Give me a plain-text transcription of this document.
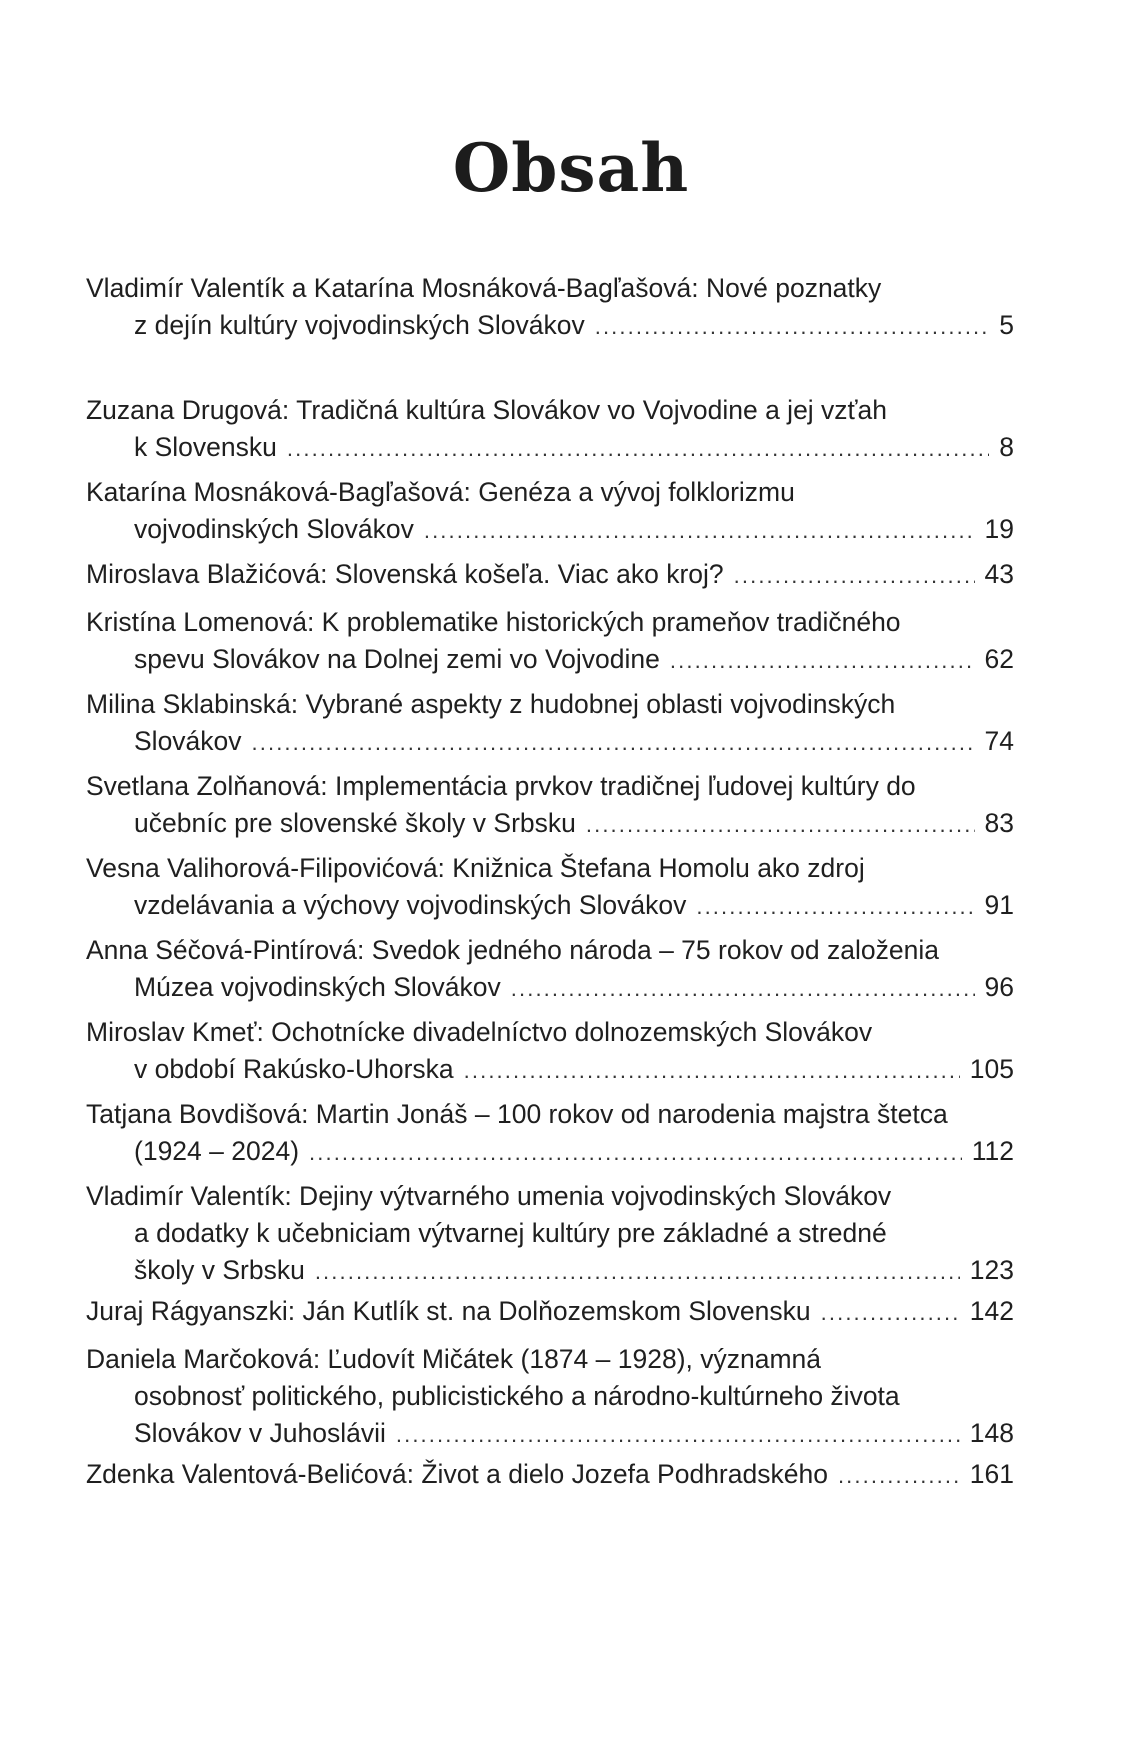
Obsah
Vladimír Valentík a Katarína Mosnáková-Bagľašová: Nové poznatky
z dejín kultúry vojvodinských Slovákov . . .	5
Zuzana Drugová: Tradičná kultúra Slovákov vo Vojvodine a jej vzťah
k Slovensku . . .	8
Katarína Mosnáková-Bagľašová: Genéza a vývoj folklorizmu
vojvodinských Slovákov . . .	19
Miroslava Blažićová: Slovenská košeľa. Viac ako kroj? . . .	43
Kristína Lomenová: K problematike historických prameňov tradičného
spevu Slovákov na Dolnej zemi vo Vojvodine . . .	62
Milina Sklabinská: Vybrané aspekty z hudobnej oblasti vojvodinských
Slovákov . . .	74
Svetlana Zolňanová: Implementácia prvkov tradičnej ľudovej kultúry do
učebníc pre slovenské školy v Srbsku . . .	83
Vesna Valihorová-Filipovićová: Knižnica Štefana Homolu ako zdroj
vzdelávania a výchovy vojvodinských Slovákov . . .	91
Anna Séčová-Pintírová: Svedok jedného národa – 75 rokov od založenia
Múzea vojvodinských Slovákov . . .	96
Miroslav Kmeť: Ochotnícke divadelníctvo dolnozemských Slovákov
v období Rakúsko-Uhorska . . .	105
Tatjana Bovdišová: Martin Jonáš – 100 rokov od narodenia majstra štetca
(1924 – 2024) . . .	112
Vladimír Valentík: Dejiny výtvarného umenia vojvodinských Slovákov
a dodatky k učebniciam výtvarnej kultúry pre základné a stredné
školy v Srbsku . . .	123
Juraj Rágyanszki: Ján Kutlík st. na Dolňozemskom Slovensku . . .	142
Daniela Marčoková: Ľudovít Mičátek (1874 – 1928), významná
osobnosť politického, publicistického a národno-kultúrneho života
Slovákov v Juhoslávii . . .	148
Zdenka Valentová-Belićová: Život a dielo Jozefa Podhradského . . .	161
